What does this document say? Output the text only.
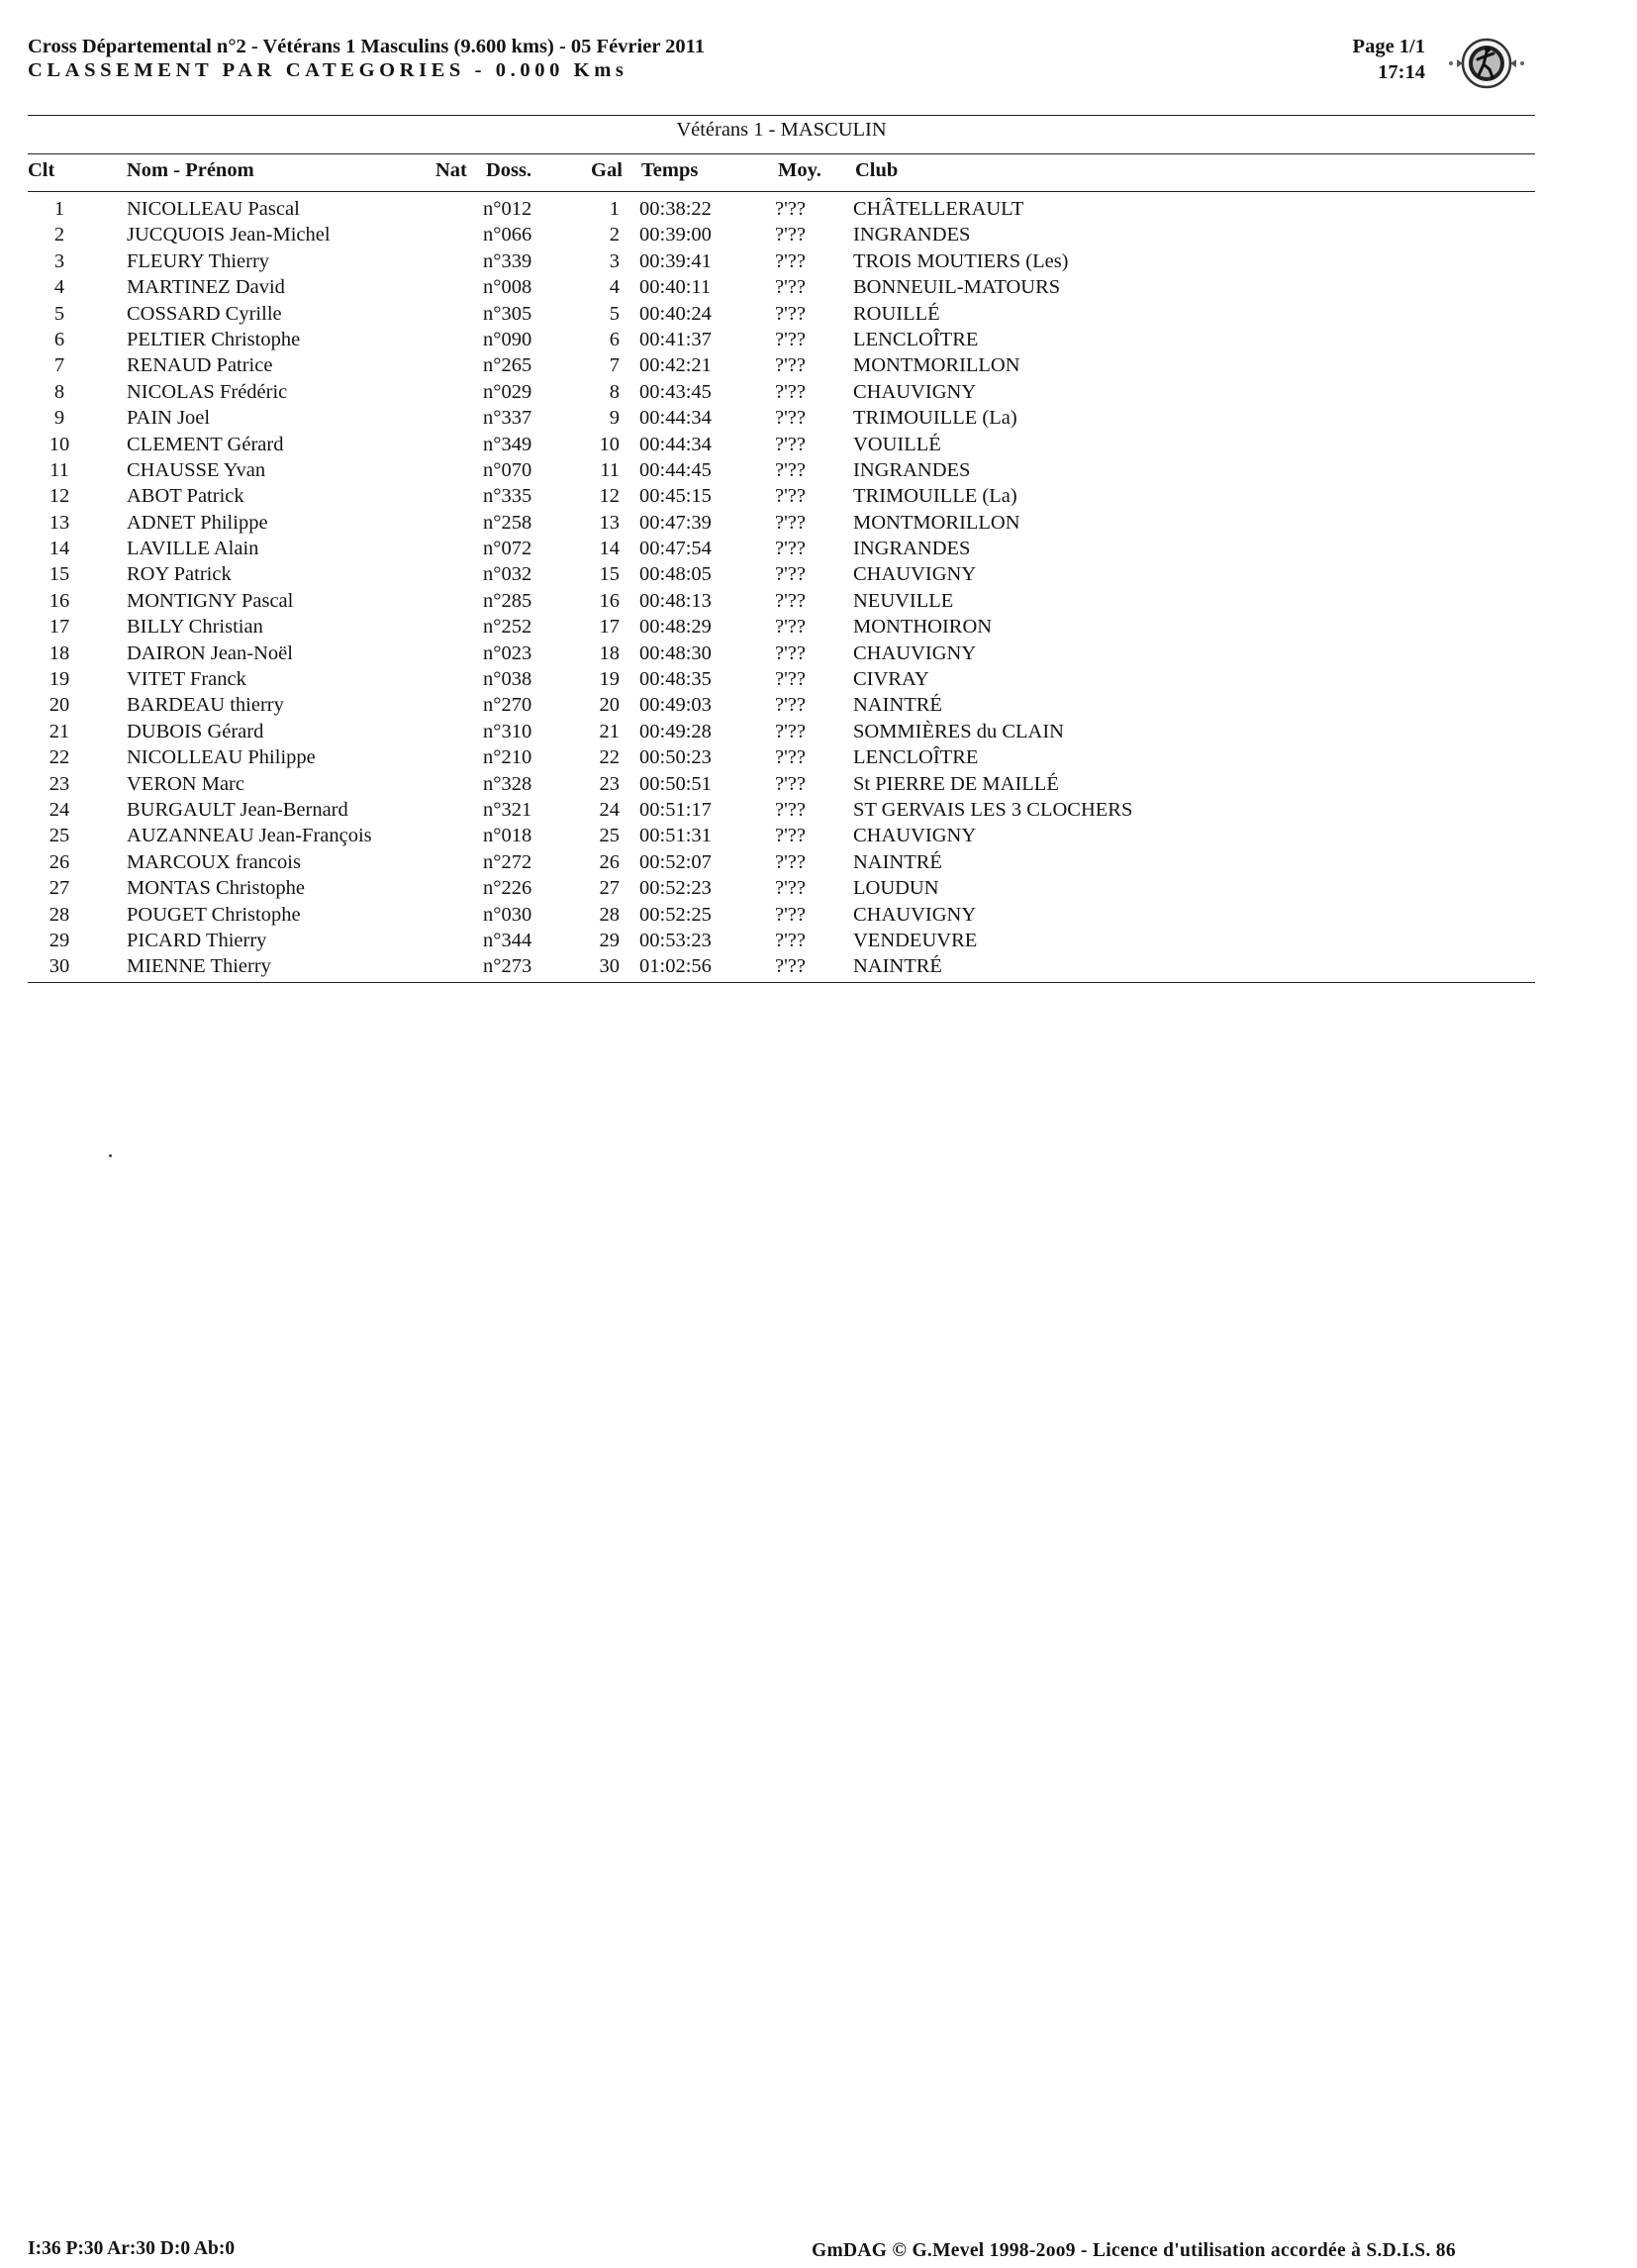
Cross Départemental n°2 - Vétérans 1 Masculins (9.600 kms) - 05 Février 2011
CLASSEMENT PAR CATEGORIES - 0.000 Kms
Page 1/1
17:14
Vétérans 1 - MASCULIN
Clt	Nom - Prénom	Nat Doss.	Gal Temps	Moy. Club
1	NICOLLEAU Pascal	n°012	1 00:38:22	?'?? CHÂTELLERAULT
2	JUCQUOIS Jean-Michel	n°066	2 00:39:00	?'?? INGRANDES
3	FLEURY Thierry	n°339	3 00:39:41	?'?? TROIS MOUTIERS (Les)
4	MARTINEZ David	n°008	4 00:40:11	?'?? BONNEUIL-MATOURS
5	COSSARD Cyrille	n°305	5 00:40:24	?'?? ROUILLÉ
6	PELTIER Christophe	n°090	6 00:41:37	?'?? LENCLOÎTRE
7	RENAUD Patrice	n°265	7 00:42:21	?'?? MONTMORILLON
8	NICOLAS Frédéric	n°029	8 00:43:45	?'?? CHAUVIGNY
9	PAIN Joel	n°337	9 00:44:34	?'?? TRIMOUILLE (La)
10	CLEMENT Gérard	n°349	10 00:44:34	?'?? VOUILLÉ
11	CHAUSSE Yvan	n°070	11 00:44:45	?'?? INGRANDES
12	ABOT Patrick	n°335	12 00:45:15	?'?? TRIMOUILLE (La)
13	ADNET Philippe	n°258	13 00:47:39	?'?? MONTMORILLON
14	LAVILLE Alain	n°072	14 00:47:54	?'?? INGRANDES
15	ROY Patrick	n°032	15 00:48:05	?'?? CHAUVIGNY
16	MONTIGNY Pascal	n°285	16 00:48:13	?'?? NEUVILLE
17	BILLY Christian	n°252	17 00:48:29	?'?? MONTHOIRON
18	DAIRON Jean-Noël	n°023	18 00:48:30	?'?? CHAUVIGNY
19	VITET Franck	n°038	19 00:48:35	?'?? CIVRAY
20	BARDEAU thierry	n°270	20 00:49:03	?'?? NAINTRÉ
21	DUBOIS Gérard	n°310	21 00:49:28	?'?? SOMMIÈRES du CLAIN
22	NICOLLEAU Philippe	n°210	22 00:50:23	?'?? LENCLOÎTRE
23	VERON Marc	n°328	23 00:50:51	?'?? St PIERRE DE MAILLÉ
24	BURGAULT Jean-Bernard	n°321	24 00:51:17	?'?? ST GERVAIS LES 3 CLOCHERS
25	AUZANNEAU Jean-François	n°018	25 00:51:31	?'?? CHAUVIGNY
26	MARCOUX francois	n°272	26 00:52:07	?'?? NAINTRÉ
27	MONTAS Christophe	n°226	27 00:52:23	?'?? LOUDUN
28	POUGET Christophe	n°030	28 00:52:25	?'?? CHAUVIGNY
29	PICARD Thierry	n°344	29 00:53:23	?'?? VENDEUVRE
30	MIENNE Thierry	n°273	30 01:02:56	?'?? NAINTRÉ
I:36 P:30 Ar:30 D:0 Ab:0	GmDAG © G.Mevel 1998-2oo9 - Licence d'utilisation accordée à S.D.I.S. 86
